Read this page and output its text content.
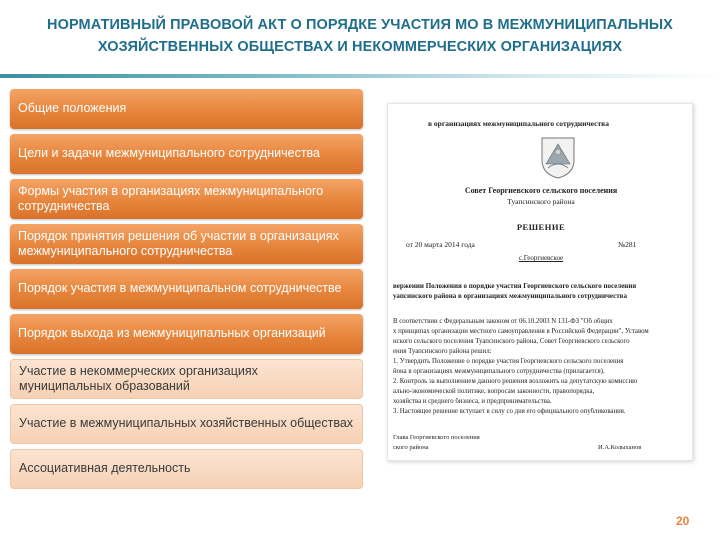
НОРМАТИВНЫЙ ПРАВОВОЙ АКТ О ПОРЯДКЕ УЧАСТИЯ МО В МЕЖМУНИЦИПАЛЬНЫХ
ХОЗЯЙСТВЕННЫХ ОБЩЕСТВАХ И НЕКОММЕРЧЕСКИХ ОРГАНИЗАЦИЯХ
Общие положения
Цели и задачи межмуниципального сотрудничества
Формы участия в организациях межмуниципального сотрудничества
Порядок принятия решения об участии в организациях межмуниципального сотрудничества
Порядок участия в межмуниципальном сотрудничестве
Порядок выхода из межмуниципальных организаций
Участие в некоммерческих организациях муниципальных образований
Участие в межмуниципальных хозяйственных обществах
Ассоциативная деятельность
в организациях межмуниципального сотрудничества
Совет Георгиевского сельского поселения
Туапсинского района
РЕШЕНИЕ
от 20 марта 2014 года	№281
с.Георгиевское
вержении Положения о порядке участия Георгиевского сельского поселения
уапсинского района в организациях межмуниципального сотрудничества
В соответствии с Федеральным законом от 06.10.2003 N 131-ФЗ "Об общих
х принципах организации местного самоуправления в Российской Федерации", Уставом
нского сельского поселения Туапсинского района, Совет Георгиевского сельского
ения Туапсинского района решил:
1. Утвердить Положение о порядке участия Георгиевского сельского поселения
йона в организациях межмуниципального сотрудничества (прилагается).
2. Контроль за выполнением данного решения возложить на депутатскую комиссию
ально-экономической политике, вопросам законности, правопорядка,
хозяйства и среднего бизнеса, и предпринимательства.
3. Настоящее решение вступает в силу со дня его официального опубликования.
Глава Георгиевского поселения
ского района	И.А.Колыханов
20
